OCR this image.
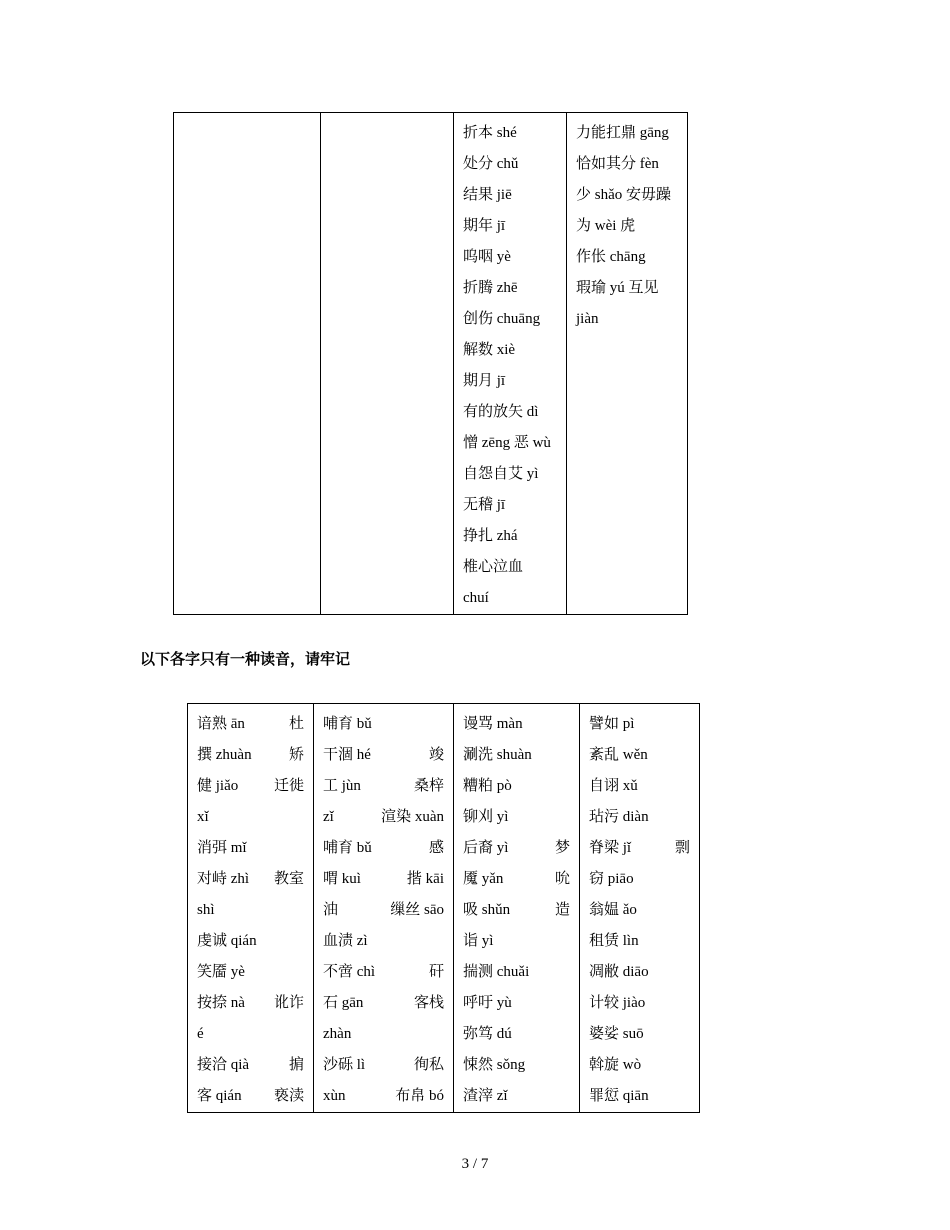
折本 shé
处分 chǔ
结果 jiē
期年 jī
呜咽 yè
折腾 zhē
创伤 chuāng
解数 xiè
期月 jī
有的放矢 dì
憎 zēng 恶 wù
自怨自艾 yì
无稽 jī
挣扎 zhá
椎心泣血
chuí

力能扛鼎 gāng
恰如其分 fèn
少 shǎo 安毋躁
为 wèi 虎
作伥 chāng
瑕瑜 yú 互见
jiàn
以下各字只有一种读音，请牢记
谙熟 ān	杜
撰 zhuàn 矫
健 jiǎo 迁徙
xǐ
消弭 mǐ
对峙 zhì 教室
shì
虔诚 qián
笑靥 yè
按捺 nà 讹诈
é
接洽 qià	掮
客 qián 亵渎

哺育 bǔ
干涸 hé	竣
工 jùn	桑梓
zǐ	渲染 xuàn
哺育 bǔ	感
喟 kuì	揩 kāi
油	缫丝 sāo
血渍 zì
不啻 chì	矸
石 gān	客栈
zhàn
沙砾 lì	徇私
xùn	布帛 bó

谩骂 màn
涮洗 shuàn
糟粕 pò
铆刈 yì
后裔 yì	梦
魇 yǎn	吮
吸 shǔn	造
诣 yì
揣测 chuǎi
呼吁 yù
弥笃 dú
悚然 sǒng
渣滓 zǐ

譬如 pì
紊乱 wěn
自诩 xǔ
玷污 diàn
脊梁 jǐ	剽
窃 piāo
翁媪 ǎo
租赁 lìn
凋敝 diāo
计较 jiào
婆娑 suō
斡旋 wò
罪愆 qiān
3 / 7
